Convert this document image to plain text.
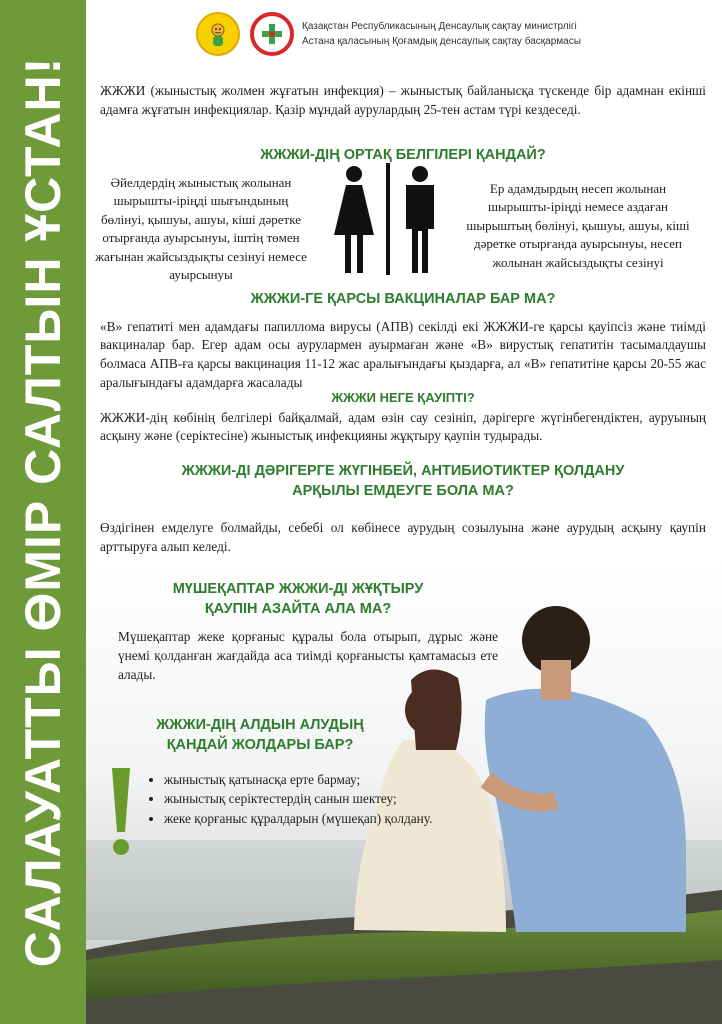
САЛАУАТТЫ ӨМІР САЛТЫН ҰСТАН!
Қазақстан Республикасының Денсаулық сақтау министрлігі
Астана қаласының Қоғамдық денсаулық сақтау басқармасы

ЖЖЖИ (жыныстық жолмен жұғатын инфекция) – жыныстық байланысқа түскенде бір адамнан екінші адамға жұғатын инфекциялар. Қазір мұндай аурулардың 25-тен астам түрі кездеседі.

ЖЖЖИ-ДІҢ ОРТАҚ БЕЛГІЛЕРІ ҚАНДАЙ?

Әйелдердің жыныстық жолынан шырышты-іріңді шығындының бөлінуі, қышуы, ашуы, кіші дәретке отырғанда ауырсынуы, іштің төмен жағынан жайсыздықты сезінуі немесе ауырсынуы

Ер адамдырдың несеп жолынан шырышты-іріңді немесе аздаған шырыштың бөлінуі, қышуы, ашуы, кіші дәретке отырғанда ауырсынуы, несеп жолынан жайсыздықты сезінуі

ЖЖЖИ-ГЕ ҚАРСЫ ВАКЦИНАЛАР БАР МА?

«В» гепатиті мен адамдағы папиллома вирусы (АПВ) секілді екі ЖЖЖИ-ге қарсы қауіпсіз және тиімді вакциналар бар. Егер адам осы аурулармен ауырмаған және «В» вирустық гепатитін тасымалдаушы болмаса АПВ-ға қарсы вакцинация 11-12 жас аралығындағы қыздарға, ал «В» гепатитіне қарсы 20-55 жас аралығындағы адамдарға жасалады

ЖЖЖИ НЕГЕ ҚАУІПТІ?

ЖЖЖИ-дің көбінің белгілері байқалмай, адам өзін сау сезініп, дәрігерге жүгінбегендіктен, ауруының асқыну және (серіктесіне) жыныстық инфекцияны жұқтыру қаупін тудырады.

ЖЖЖИ-ДІ ДӘРІГЕРГЕ ЖҮГІНБЕЙ, АНТИБИОТИКТЕР ҚОЛДАНУ
АРҚЫЛЫ ЕМДЕУГЕ БОЛА МА?

Өздігінен емделуге болмайды, себебі ол көбінесе аурудың созылуына және аурудың асқыну қаупін арттыруға алып келеді.

МҮШЕҚАПТАР ЖЖЖИ-ДІ ЖҰҚТЫРУ
ҚАУПІН АЗАЙТА АЛА МА?

Мүшеқаптар жеке қорғаныс құралы бола отырып, дұрыс және үнемі қолданған жағдайда аса тиімді қорғанысты қамтамасыз ете алады.

ЖЖЖИ-ДІҢ АЛДЫН АЛУДЫҢ
ҚАНДАЙ ЖОЛДАРЫ БАР?
• жыныстық қатынасқа ерте бармау;
• жыныстық серіктестердің санын шектеу;
• жеке қорғаныс құралдарын (мүшеқап) қолдану.
